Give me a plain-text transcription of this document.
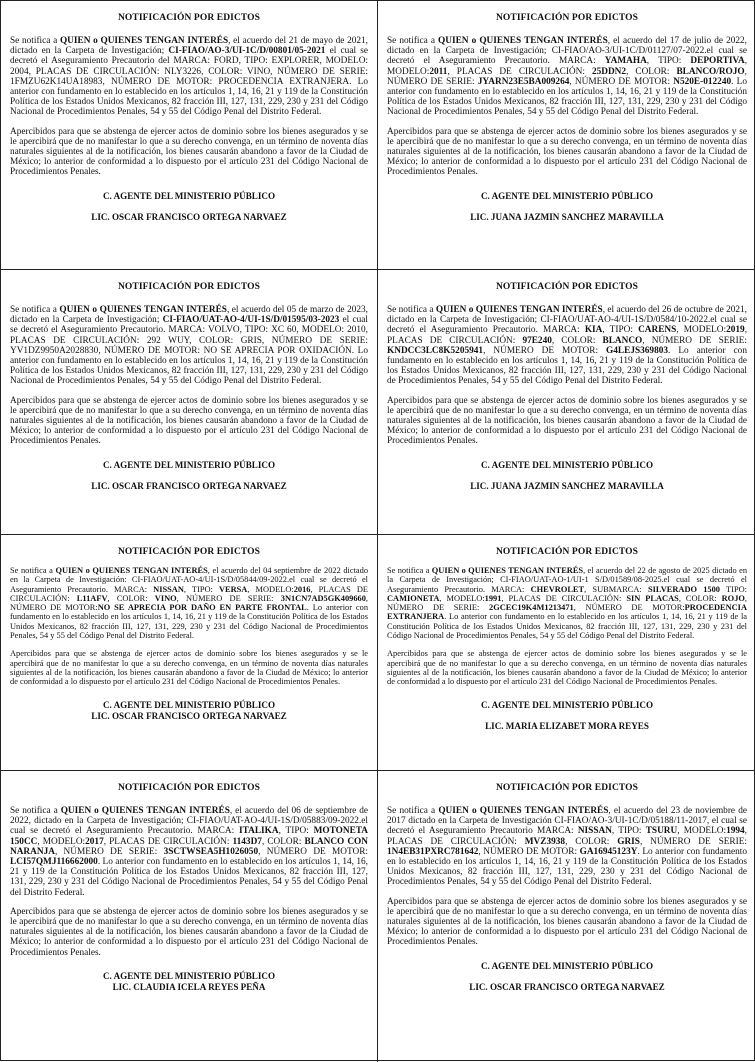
NOTIFICACIÓN POR EDICTOS
Se notifica a QUIEN o QUIENES TENGAN INTERÉS, el acuerdo del 21 de mayo de 2021, dictado en la Carpeta de Investigación; CI-FIAO/AO-3/UI-1C/D/00801/05-2021 el cual se decretó el Aseguramiento Precautorio del MARCA: FORD, TIPO: EXPLORER, MODELO: 2004, PLACAS DE CIRCULACIÓN: NLY3226, COLOR: VINO, NÚMERO DE SERIE: 1FMZU62K14UA18983, NÚMERO DE MOTOR: PROCEDENCIA EXTRANJERA. Lo anterior con fundamento en lo establecido en los artículos 1, 14, 16, 21 y 119 de la Constitución Política de los Estados Unidos Mexicanos, 82 fracción III, 127, 131, 229, 230 y 231 del Código Nacional de Procedimientos Penales, 54 y 55 del Código Penal del Distrito Federal.
Apercibidos para que se abstenga de ejercer actos de dominio sobre los bienes asegurados y se le apercibirá que de no manifestar lo que a su derecho convenga, en un término de noventa días naturales siguientes al de la notificación, los bienes causarán abandono a favor de la Ciudad de México; lo anterior de conformidad a lo dispuesto por el artículo 231 del Código Nacional de Procedimientos Penales.
C. AGENTE DEL MINISTERIO PÚBLICO
LIC. OSCAR FRANCISCO ORTEGA NARVAEZ
NOTIFICACIÓN POR EDICTOS
Se notifica a QUIEN o QUIENES TENGAN INTERÉS, el acuerdo del 17 de julio de 2022, dictado en la Carpeta de Investigación; CI-FIAO/AO-3/UI-1C/D/01127/07-2022.el cual se decretó el Aseguramiento Precautorio. MARCA: YAMAHA, TIPO: DEPORTIVA, MODELO:2011, PLACAS DE CIRCULACIÓN: 25DDN2, COLOR: BLANCO/ROJO, NÚMERO DE SERIE: JYARN23E5BA009264, NÚMERO DE MOTOR: N520E-012240. Lo anterior con fundamento en lo establecido en los artículos 1, 14, 16, 21 y 119 de la Constitución Política de los Estados Unidos Mexicanos, 82 fracción III, 127, 131, 229, 230 y 231 del Código Nacional de Procedimientos Penales, 54 y 55 del Código Penal del Distrito Federal.
Apercibidos para que se abstenga de ejercer actos de dominio sobre los bienes asegurados y se le apercibirá que de no manifestar lo que a su derecho convenga, en un término de noventa días naturales siguientes al de la notificación, los bienes causarán abandono a favor de la Ciudad de México; lo anterior de conformidad a lo dispuesto por el artículo 231 del Código Nacional de Procedimientos Penales.
C. AGENTE DEL MINISTERIO PÚBLICO
LIC. JUANA JAZMIN SANCHEZ MARAVILLA
NOTIFICACIÓN POR EDICTOS
Se notifica a QUIEN o QUIENES TENGAN INTERÉS, el acuerdo del 05 de marzo de 2023, dictado en la Carpeta de Investigación; CI-FIAO/UAT-AO-4/UI-1S/D/01595/03-2023 el cual se decretó el Aseguramiento Precautorio. MARCA: VOLVO, TIPO: XC 60, MODELO: 2010, PLACAS DE CIRCULACIÓN: 292 WUY, COLOR: GRIS, NÚMERO DE SERIE: YV1DZ9950A2028830, NÚMERO DE MOTOR: NO SE APRECIA POR OXIDACIÓN. Lo anterior con fundamento en lo establecido en los artículos 1, 14, 16, 21 y 119 de la Constitución Política de los Estados Unidos Mexicanos, 82 fracción III, 127, 131, 229, 230 y 231 del Código Nacional de Procedimientos Penales, 54 y 55 del Código Penal del Distrito Federal.
Apercibidos para que se abstenga de ejercer actos de dominio sobre los bienes asegurados y se le apercibirá que de no manifestar lo que a su derecho convenga, en un término de noventa días naturales siguientes al de la notificación, los bienes causarán abandono a favor de la Ciudad de México; lo anterior de conformidad a lo dispuesto por el artículo 231 del Código Nacional de Procedimientos Penales.
C. AGENTE DEL MINISTERIO PÚBLICO
LIC. OSCAR FRANCISCO ORTEGA NARVAEZ
NOTIFICACIÓN POR EDICTOS
Se notifica a QUIEN o QUIENES TENGAN INTERÉS, el acuerdo del 26 de octubre de 2021, dictado en la Carpeta de Investigación; CI-FIAO/UAT-AO-4/UI-1S/D/0584/10-2022.el cual se decretó el Aseguramiento Precautorio. MARCA: KIA, TIPO: CARENS, MODELO:2019, PLACAS DE CIRCULACIÓN: 97E240, COLOR: BLANCO, NÚMERO DE SERIE: KNDCC3LC8K5205941, NÚMERO DE MOTOR: G4LEJS369803. Lo anterior con fundamento en lo establecido en los artículos 1, 14, 16, 21 y 119 de la Constitución Política de los Estados Unidos Mexicanos, 82 fracción III, 127, 131, 229, 230 y 231 del Código Nacional de Procedimientos Penales, 54 y 55 del Código Penal del Distrito Federal.
Apercibidos para que se abstenga de ejercer actos de dominio sobre los bienes asegurados y se le apercibirá que de no manifestar lo que a su derecho convenga, en un término de noventa días naturales siguientes al de la notificación, los bienes causarán abandono a favor de la Ciudad de México; lo anterior de conformidad a lo dispuesto por el artículo 231 del Código Nacional de Procedimientos Penales.
C. AGENTE DEL MINISTERIO PÚBLICO
LIC. JUANA JAZMIN SANCHEZ MARAVILLA
NOTIFICACIÓN POR EDICTOS
Se notifica a QUIEN o QUIENES TENGAN INTERÉS, el acuerdo del 04 septiembre de 2022 dictado en la Carpeta de Investigación: CI-FIAO/UAT-AO-4/UI-1S/D/05844/09-2022.el cual se decretó el Aseguramiento Precautorio. MARCA: NISSAN, TIPO: VERSA, MODELO:2016, PLACAS DE CIRCULACIÓN: L11AFV, COLOR: VINO, NÚMERO DE SERIE: 3N1CN7AD5GK409660, NÚMERO DE MOTOR:NO SE APRECIA POR DAÑO EN PARTE FRONTAL. Lo anterior con fundamento en lo establecido en los artículos 1, 14, 16, 21 y 119 de la Constitución Política de los Estados Unidos Mexicanos, 82 fracción III, 127, 131, 229, 230 y 231 del Código Nacional de Procedimientos Penales, 54 y 55 del Código Penal del Distrito Federal.
Apercibidos para que se abstenga de ejercer actos de dominio sobre los bienes asegurados y se le apercibirá que de no manifestar lo que a su derecho convenga, en un término de noventa días naturales siguientes al de la notificación, los bienes causarán abandono a favor de la Ciudad de México; lo anterior de conformidad a lo dispuesto por el artículo 231 del Código Nacional de Procedimientos Penales.
C. AGENTE DEL MINISTERIO PÚBLICO
LIC. OSCAR FRANCISCO ORTEGA NARVAEZ
NOTIFICACIÓN POR EDICTOS
Se notifica a QUIEN o QUIENES TENGAN INTERÉS, el acuerdo del 22 de agosto de 2025 dictado en la Carpeta de Investigación; CI-FIAO/UAT-AO-1/UI-1 S/D/01589/08-2025.el cual se decretó el Aseguramiento Precautorio. MARCA: CHEVROLET, SUBMARCA: SILVERADO 1500 TIPO: CAMIONETA, MODELO:1991, PLACAS DE CIRCULACIÓN: SIN PLACAS, COLOR: ROJO, NÚMERO DE SERIE: 2GCEC19K4M1213471, NÚMERO DE MOTOR:PROCEDENCIA EXTRANJERA. Lo anterior con fundamento en lo establecido en los artículos 1, 14, 16, 21 y 119 de la Constitución Política de los Estados Unidos Mexicanos, 82 fracción III, 127, 131, 229, 230 y 231 del Código Nacional de Procedimientos Penales, 54 y 55 del Código Penal del Distrito Federal.
Apercibidos para que se abstenga de ejercer actos de dominio sobre los bienes asegurados y se le apercibirá que de no manifestar lo que a su derecho convenga, en un término de noventa días naturales siguientes al de la notificación, los bienes causarán abandono a favor de la Ciudad de México; lo anterior de conformidad a lo dispuesto por el artículo 231 del Código Nacional de Procedimientos Penales.
C. AGENTE DEL MINISTERIO PÚBLICO
LIC. MARIA ELIZABET MORA REYES
NOTIFICACIÓN POR EDICTOS
Se notifica a QUIEN o QUIENES TENGAN INTERÉS, el acuerdo del 06 de septiembre de 2022, dictado en la Carpeta de Investigación; CI-FIAO/UAT-AO-4/UI-1S/D/05883/09-2022.el cual se decretó el Aseguramiento Precautorio. MARCA: ITALIKA, TIPO: MOTONETA 150CC, MODELO:2017, PLACAS DE CIRCULACIÓN: 1143D7, COLOR: BLANCO CON NARANJA, NÚMERO DE SERIE: 3SCTWSEA5H1026050, NÚMERO DE MOTOR: LCI57QMJ116662000. Lo anterior con fundamento en lo establecido en los artículos 1, 14, 16, 21 y 119 de la Constitución Política de los Estados Unidos Mexicanos, 82 fracción III, 127, 131, 229, 230 y 231 del Código Nacional de Procedimientos Penales, 54 y 55 del Código Penal del Distrito Federal.
Apercibidos para que se abstenga de ejercer actos de dominio sobre los bienes asegurados y se le apercibirá que de no manifestar lo que a su derecho convenga, en un término de noventa días naturales siguientes al de la notificación, los bienes causarán abandono a favor de la Ciudad de México; lo anterior de conformidad a lo dispuesto por el artículo 231 del Código Nacional de Procedimientos Penales.
C. AGENTE DEL MINISTERIO PÚBLICO
LIC. CLAUDIA ICELA REYES PEÑA
NOTIFICACIÓN POR EDICTOS
Se notifica a QUIEN o QUIENES TENGAN INTERÉS, el acuerdo del 23 de noviembre de 2017 dictado en la Carpeta de Investigación CI-FIAO/AO-3/UI-1C/D/05188/11-2017, el cual se decretó el Aseguramiento Precautorio MARCA: NISSAN, TIPO: TSURU, MODELO:1994, PLACAS DE CIRCULACIÓN: MVZ3938, COLOR: GRIS, NÚMERO DE SERIE: 1N4EB31PXRC781642, NÚMERO DE MOTOR: GA16945123Y. Lo anterior con fundamento en lo establecido en los artículos 1, 14, 16, 21 y 119 de la Constitución Política de los Estados Unidos Mexicanos, 82 fracción III, 127, 131, 229, 230 y 231 del Código Nacional de Procedimientos Penales, 54 y 55 del Código Penal del Distrito Federal.
Apercibidos para que se abstenga de ejercer actos de dominio sobre los bienes asegurados y se le apercibirá que de no manifestar lo que a su derecho convenga, en un término de noventa días naturales siguientes al de la notificación, los bienes causarán abandono a favor de la Ciudad de México; lo anterior de conformidad a lo dispuesto por el artículo 231 del Código Nacional de Procedimientos Penales.
C. AGENTE DEL MINISTERIO PÚBLICO
LIC. OSCAR FRANCISCO ORTEGA NARVAEZ
